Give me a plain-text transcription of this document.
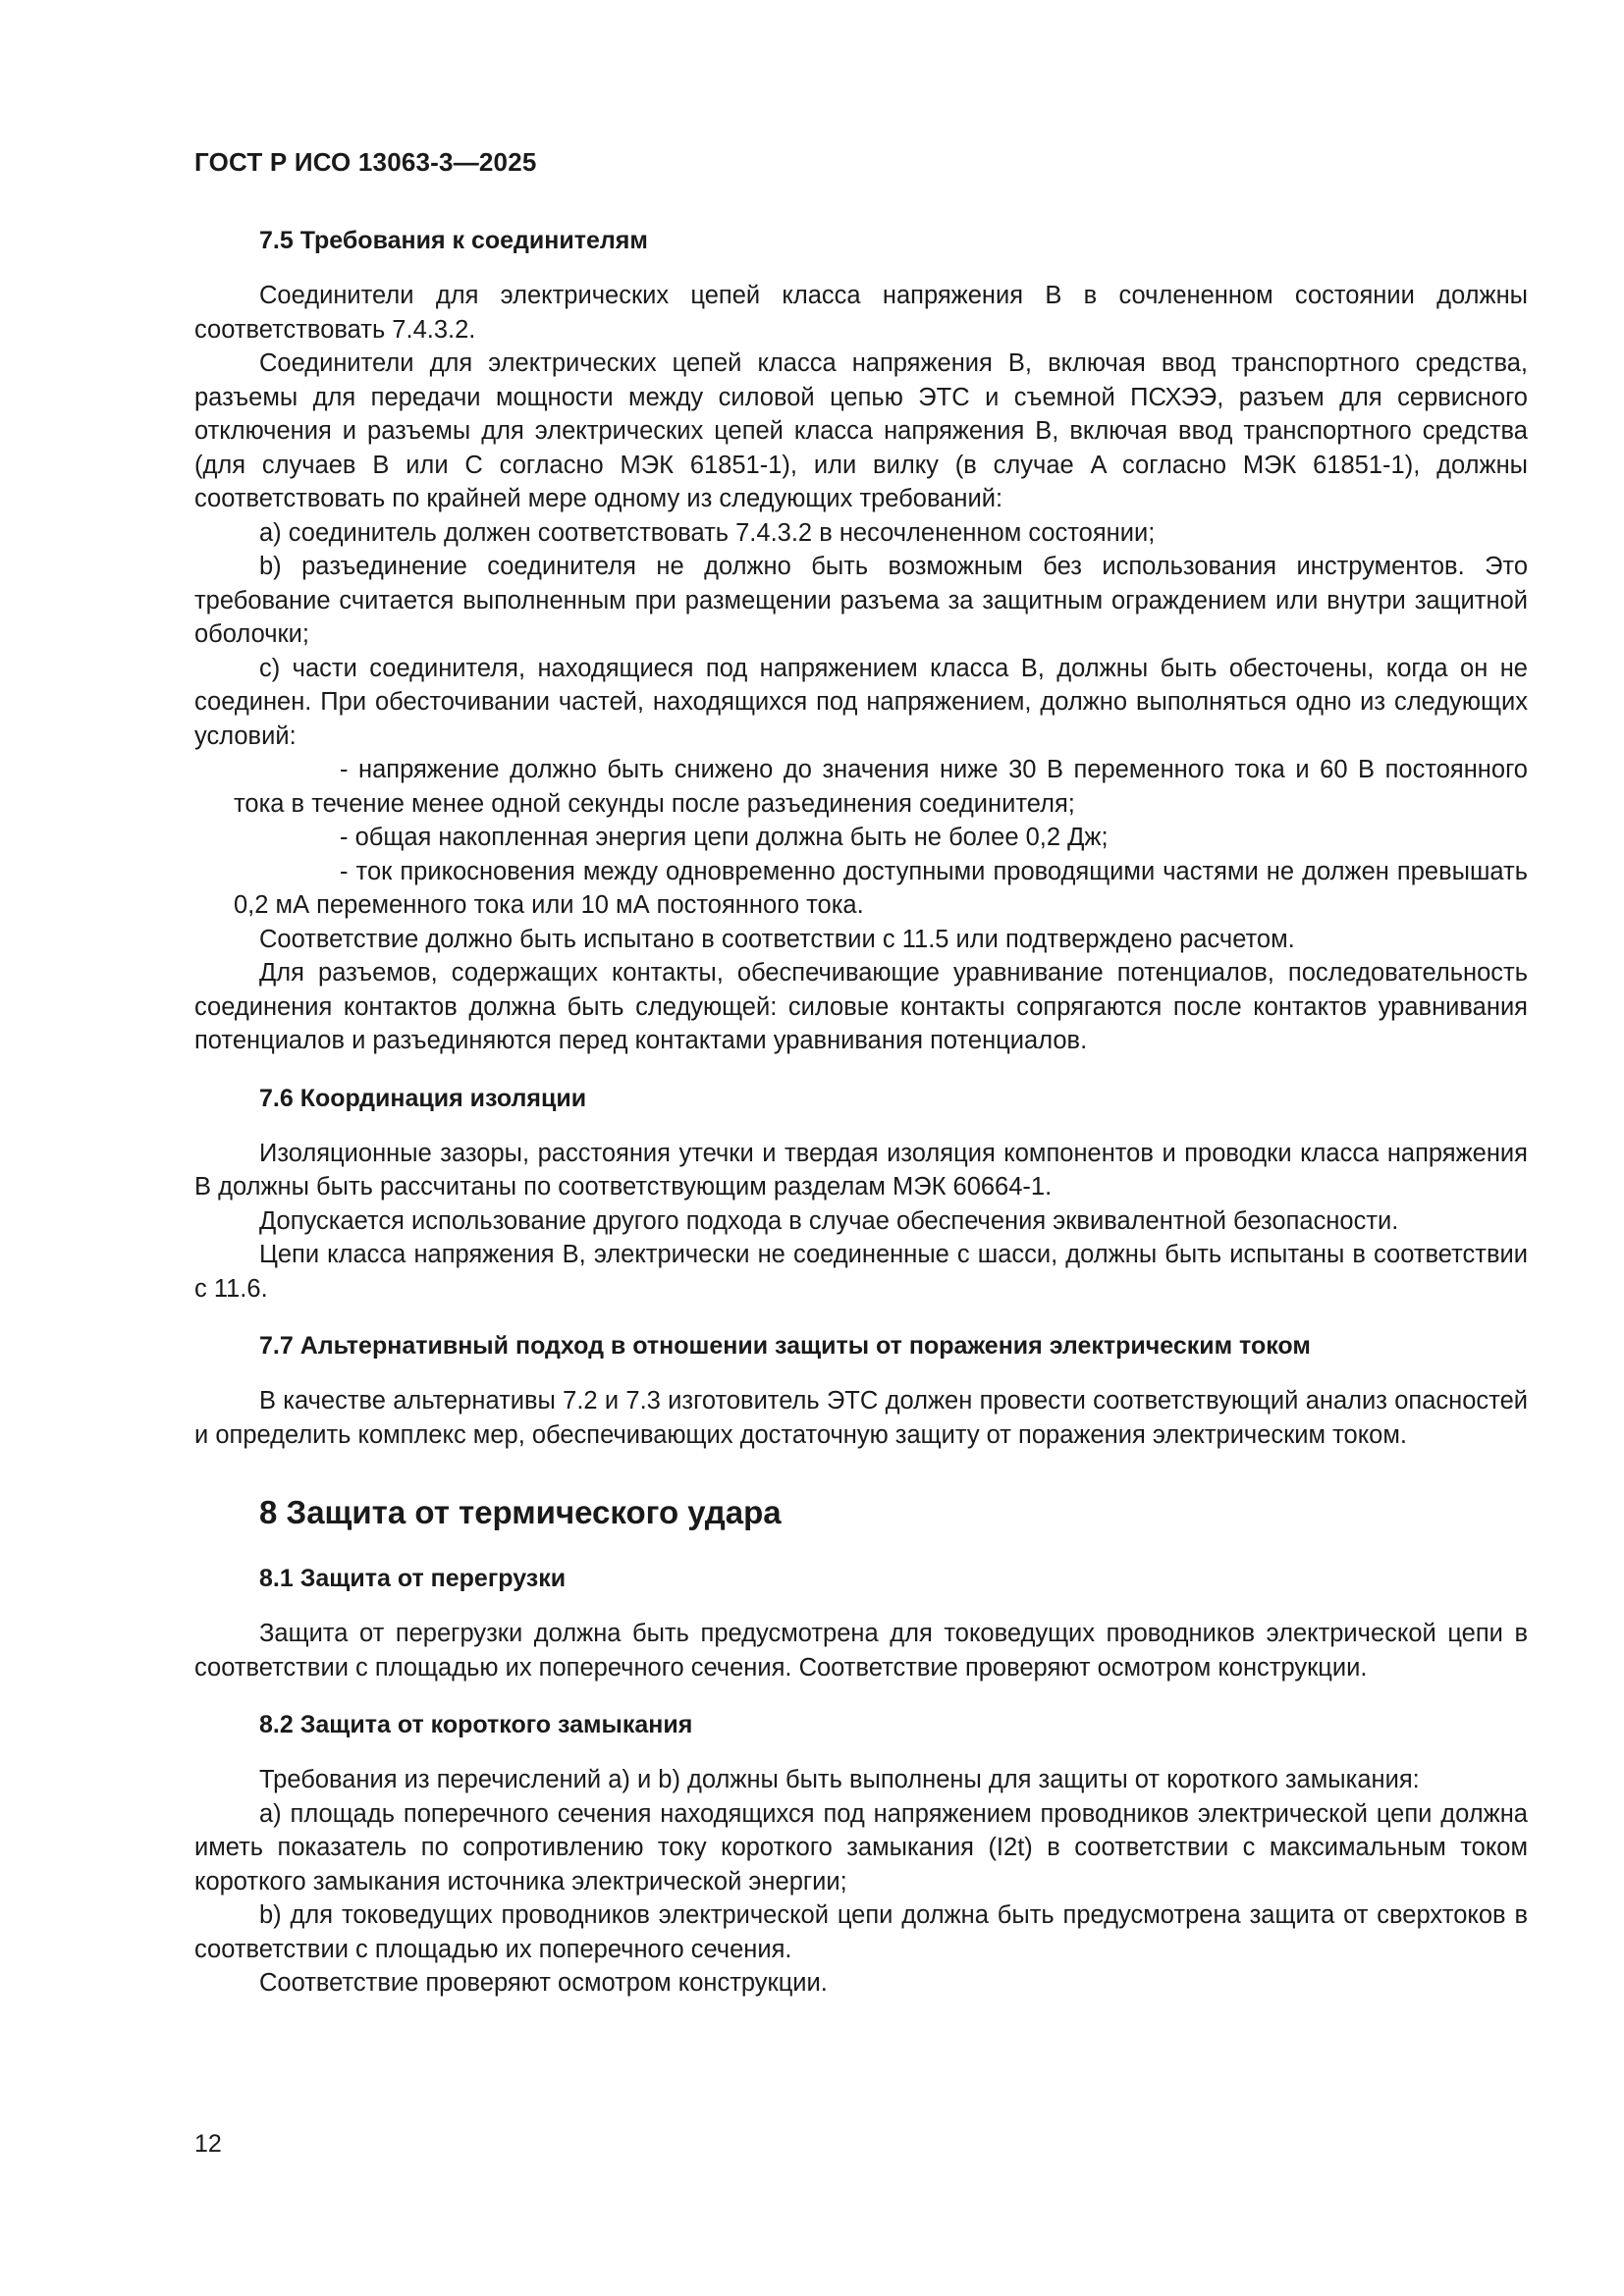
ГОСТ Р ИСО 13063-3—2025
7.5 Требования к соединителям

Соединители для электрических цепей класса напряжения B в сочлененном состоянии должны соответствовать 7.4.3.2.

Соединители для электрических цепей класса напряжения B, включая ввод транспортного средства, разъемы для передачи мощности между силовой цепью ЭТС и съемной ПСХЭЭ, разъем для сервисного отключения и разъемы для электрических цепей класса напряжения B, включая ввод транспортного средства (для случаев B или C согласно МЭК 61851-1), или вилку (в случае A согласно МЭК 61851-1), должны соответствовать по крайней мере одному из следующих требований:

a) соединитель должен соответствовать 7.4.3.2 в несочлененном состоянии;

b) разъединение соединителя не должно быть возможным без использования инструментов. Это требование считается выполненным при размещении разъема за защитным ограждением или внутри защитной оболочки;

c) части соединителя, находящиеся под напряжением класса B, должны быть обесточены, когда он не соединен. При обесточивании частей, находящихся под напряжением, должно выполняться одно из следующих условий:

- напряжение должно быть снижено до значения ниже 30 В переменного тока и 60 В постоянного тока в течение менее одной секунды после разъединения соединителя;

- общая накопленная энергия цепи должна быть не более 0,2 Дж;

- ток прикосновения между одновременно доступными проводящими частями не должен превышать 0,2 мА переменного тока или 10 мА постоянного тока.

Соответствие должно быть испытано в соответствии с 11.5 или подтверждено расчетом.

Для разъемов, содержащих контакты, обеспечивающие уравнивание потенциалов, последовательность соединения контактов должна быть следующей: силовые контакты сопрягаются после контактов уравнивания потенциалов и разъединяются перед контактами уравнивания потенциалов.

7.6 Координация изоляции

Изоляционные зазоры, расстояния утечки и твердая изоляция компонентов и проводки класса напряжения B должны быть рассчитаны по соответствующим разделам МЭК 60664-1.

Допускается использование другого подхода в случае обеспечения эквивалентной безопасности.

Цепи класса напряжения B, электрически не соединенные с шасси, должны быть испытаны в соответствии с 11.6.

7.7 Альтернативный подход в отношении защиты от поражения электрическим током

В качестве альтернативы 7.2 и 7.3 изготовитель ЭТС должен провести соответствующий анализ опасностей и определить комплекс мер, обеспечивающих достаточную защиту от поражения электрическим током.

8 Защита от термического удара
8.1 Защита от перегрузки

Защита от перегрузки должна быть предусмотрена для токоведущих проводников электрической цепи в соответствии с площадью их поперечного сечения. Соответствие проверяют осмотром конструкции.

8.2 Защита от короткого замыкания

Требования из перечислений a) и b) должны быть выполнены для защиты от короткого замыкания:

a) площадь поперечного сечения находящихся под напряжением проводников электрической цепи должна иметь показатель по сопротивлению току короткого замыкания (I2t) в соответствии с максимальным током короткого замыкания источника электрической энергии;

b) для токоведущих проводников электрической цепи должна быть предусмотрена защита от сверхтоков в соответствии с площадью их поперечного сечения.

Соответствие проверяют осмотром конструкции.

12
